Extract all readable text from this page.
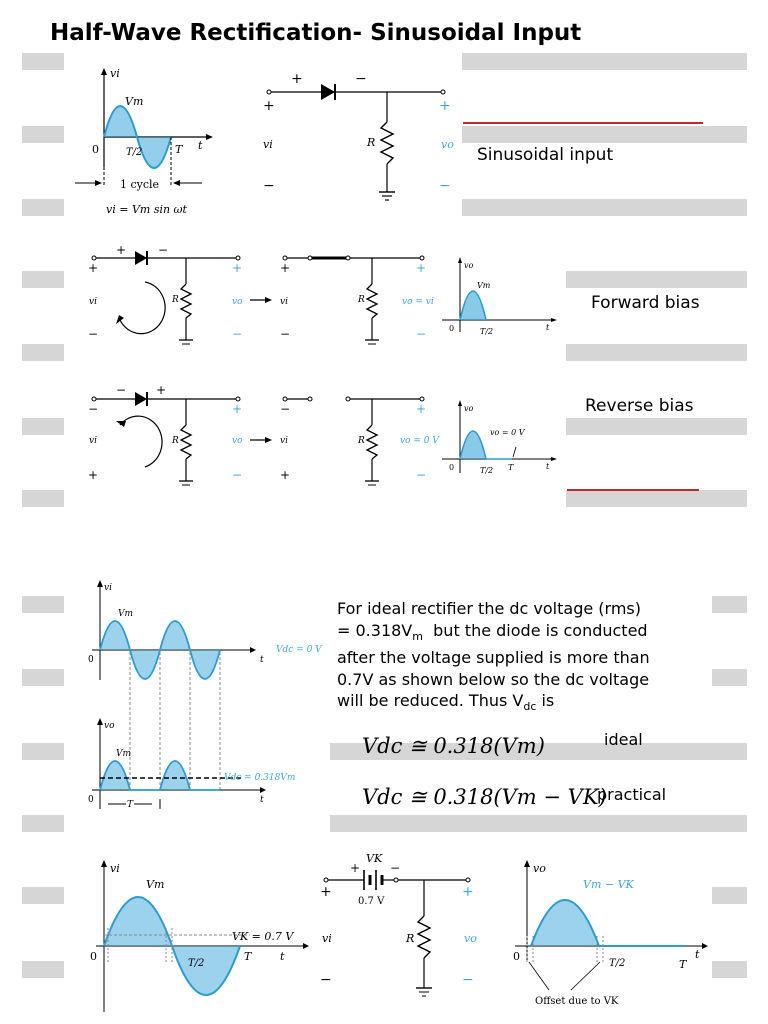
Half-Wave Rectification- Sinusoidal Input
vi
Vm
0	T/2	T t
1 cycle
vi = Vm sin ωt
+	−
+
−
vi	R
+
−
vo
Sinusoidal input
+	−
+
−
vi	R
+
−
vo
+
−
vi	R
+
−
vo = vi
vo
Vm
0	T/2	t
Forward bias
− +
−
+
vi	R
+
−
vo
−
+
vi	R
+
−
vo = 0 V
vo
vo = 0 V
0	T/2 T	t
Reverse bias
vi
Vm
0	t
Vdc = 0 V
vo
Vm
0	t
T
Vdc = 0.318Vm
For ideal rectifier the dc voltage (rms)
= $0.318V_m$  but the diode is conducted
after the voltage supplied is more than
0.7V as shown below so the dc voltage
will be reduced. Thus $V_{dc}$ is
Vdc ≅ 0.318(Vm)	ideal
Vdc ≅ 0.318(Vm − VK)
practical
vi
Vm
0
T/2
T	t
VK = 0.7 V
+
VK
−
0.7 V
+
−
vi	R
+
−
vo
vo
Vm − VK
0
T/2	T
t
Offset due to VK
